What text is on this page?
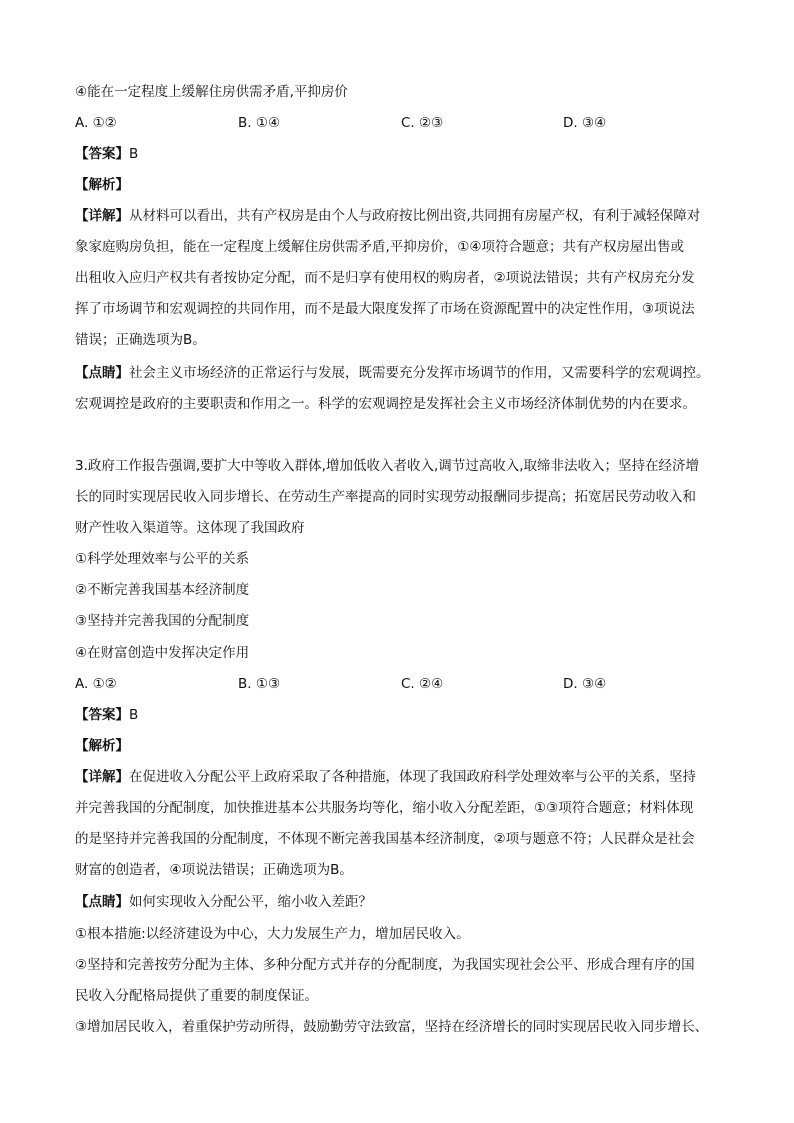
④能在一定程度上缓解住房供需矛盾,平抑房价
A. ①②	B. ①④	C. ②③	D. ③④
【答案】B
【解析】
【详解】从材料可以看出，共有产权房是由个人与政府按比例出资,共同拥有房屋产权，有利于减轻保障对
象家庭购房负担，能在一定程度上缓解住房供需矛盾,平抑房价，①④项符合题意；共有产权房屋出售或
出租收入应归产权共有者按协定分配，而不是归享有使用权的购房者，②项说法错误；共有产权房充分发
挥了市场调节和宏观调控的共同作用，而不是最大限度发挥了市场在资源配置中的决定性作用，③项说法
错误；正确选项为B。
【点睛】社会主义市场经济的正常运行与发展，既需要充分发挥市场调节的作用，又需要科学的宏观调控。
宏观调控是政府的主要职责和作用之一。科学的宏观调控是发挥社会主义市场经济体制优势的内在要求。
3.政府工作报告强调,要扩大中等收入群体,增加低收入者收入,调节过高收入,取缔非法收入；坚持在经济增
长的同时实现居民收入同步增长、在劳动生产率提高的同时实现劳动报酬同步提高；拓宽居民劳动收入和
财产性收入渠道等。这体现了我国政府
①科学处理效率与公平的关系
②不断完善我国基本经济制度
③坚持并完善我国的分配制度
④在财富创造中发挥决定作用
A. ①②	B. ①③	C. ②④	D. ③④
【答案】B
【解析】
【详解】在促进收入分配公平上政府采取了各种措施，体现了我国政府科学处理效率与公平的关系，坚持
并完善我国的分配制度，加快推进基本公共服务均等化，缩小收入分配差距，①③项符合题意；材料体现
的是坚持并完善我国的分配制度，不体现不断完善我国基本经济制度，②项与题意不符；人民群众是社会
财富的创造者，④项说法错误；正确选项为B。
【点睛】如何实现收入分配公平，缩小收入差距？
①根本措施:以经济建设为中心，大力发展生产力，增加居民收入。
②坚持和完善按劳分配为主体、多种分配方式并存的分配制度，为我国实现社会公平、形成合理有序的国
民收入分配格局提供了重要的制度保证。
③增加居民收入，着重保护劳动所得，鼓励勤劳守法致富，坚持在经济增长的同时实现居民收入同步增长、
